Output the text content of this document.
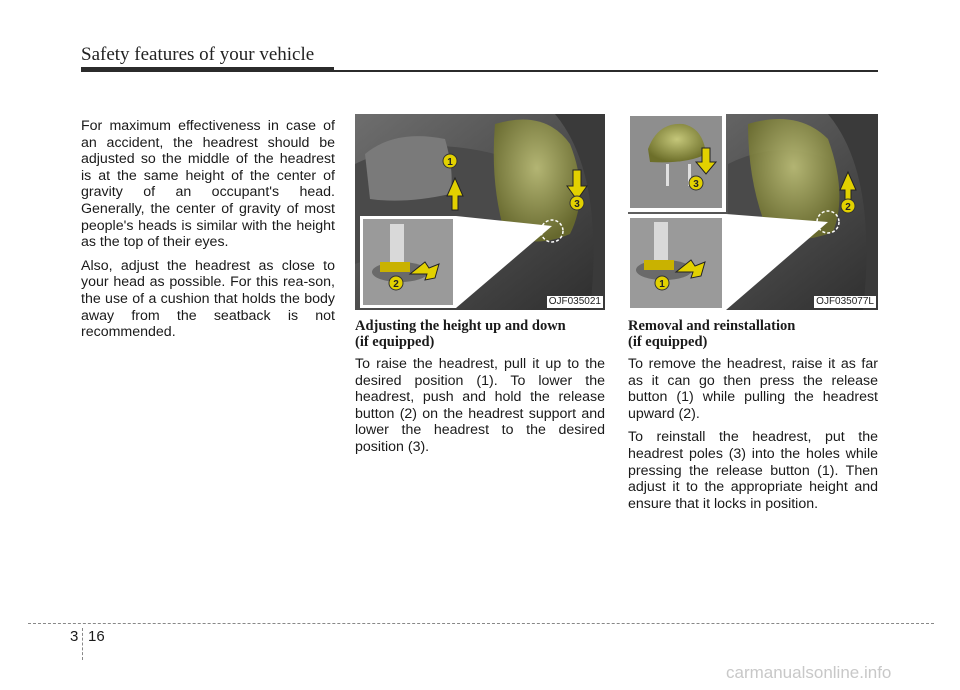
Safety features of your vehicle

For maximum effectiveness in case of an accident, the headrest should be adjusted so the middle of the headrest is at the same height of the center of gravity of an occupant's head. Generally, the center of gravity of most people's heads is similar with the height as the top of their eyes.

Also, adjust the headrest as close to your head as possible. For this rea-son, the use of a cushion that holds the body away from the seatback is not recommended.

1
3
2
OJF035021
3
2
1
OJF035077L
Adjusting the height up and down
(if equipped)

To raise the headrest, pull it up to the desired position (1). To lower the headrest, push and hold the release button (2) on the headrest support and lower the headrest to the desired position (3).

Removal and reinstallation
(if equipped)

To remove the headrest, raise it as far as it can go then press the release button (1) while pulling the headrest upward (2).

To reinstall the headrest, put the headrest poles (3) into the holes while pressing the release button (1). Then adjust it to the appropriate height and ensure that it locks in position.

3 16
carmanualsonline.info
